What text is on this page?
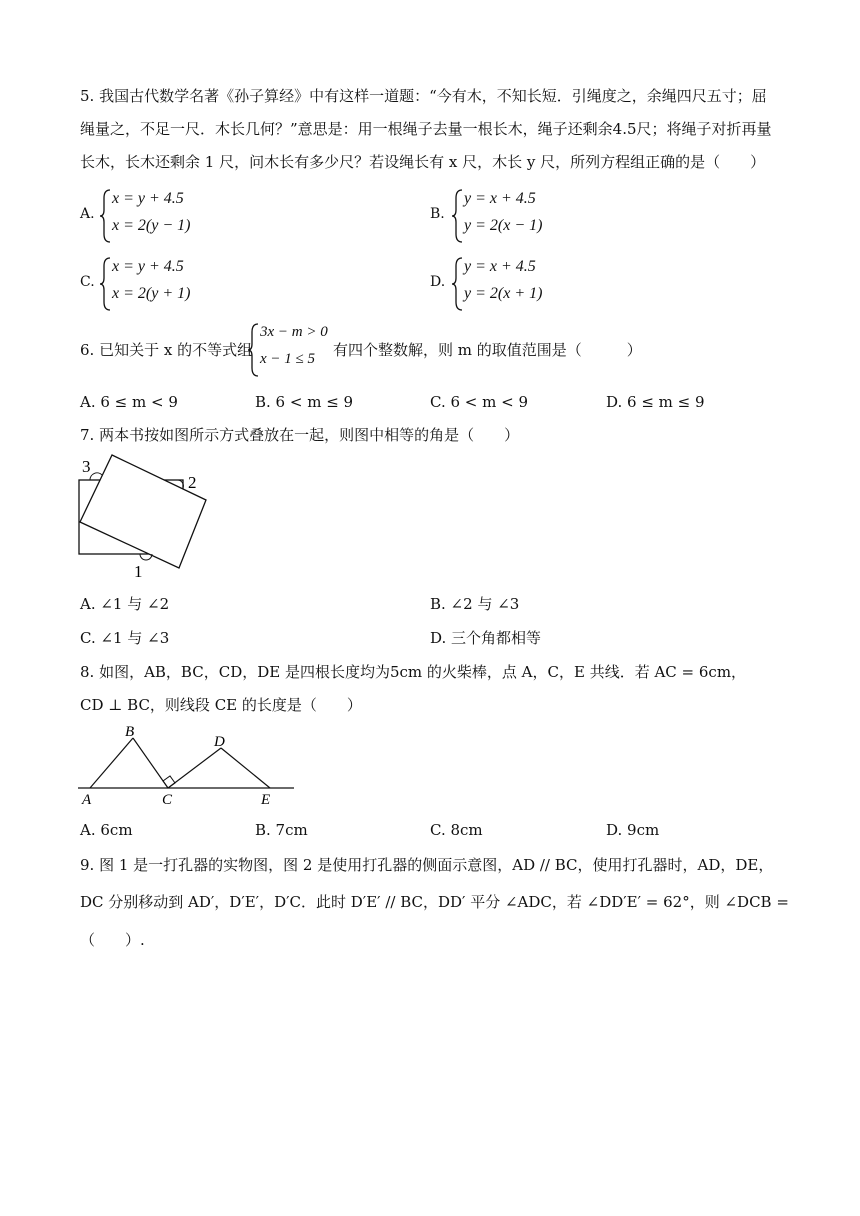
5. 我国古代数学名著《孙子算经》中有这样一道题：“今有木，不知长短．引绳度之，余绳四尺五寸；屈
绳量之，不足一尺．木长几何？”意思是：用一根绳子去量一根长木，绳子还剩余4.5尺；将绳子对折再量
长木，长木还剩余 1 尺，问木长有多少尺？若设绳长有 x 尺，木长 y 尺，所列方程组正确的是（　　）
A.
x = y + 4.5
x = 2(y − 1)
B.
y = x + 4.5
y = 2(x − 1)
C.
x = y + 4.5
x = 2(y + 1)
D.
y = x + 4.5
y = 2(x + 1)
6. 已知关于 x 的不等式组
3x − m > 0
x − 1 ≤ 5 有四个整数解，则 m 的取值范围是（　　　）
A. 6 ≤ m < 9	B. 6 < m ≤ 9	C. 6 < m < 9	D. 6 ≤ m ≤ 9
7. 两本书按如图所示方式叠放在一起，则图中相等的角是（　　）
3
2
1
A. ∠1 与 ∠2	B. ∠2 与 ∠3
C. ∠1 与 ∠3	D. 三个角都相等
8. 如图，AB，BC，CD，DE 是四根长度均为5cm 的火柴棒，点 A，C，E 共线．若 AC = 6cm，
CD ⊥ BC，则线段 CE 的长度是（　　）
A
B
C
D
E
A. 6cm	B. 7cm	C. 8cm	D. 9cm
9. 图 1 是一打孔器的实物图，图 2 是使用打孔器的侧面示意图，AD // BC，使用打孔器时，AD，DE，
DC 分别移动到 AD′，D′E′，D′C．此时 D′E′ // BC，DD′ 平分 ∠ADC，若 ∠DD′E′ = 62°，则 ∠DCB =
（　　）.
